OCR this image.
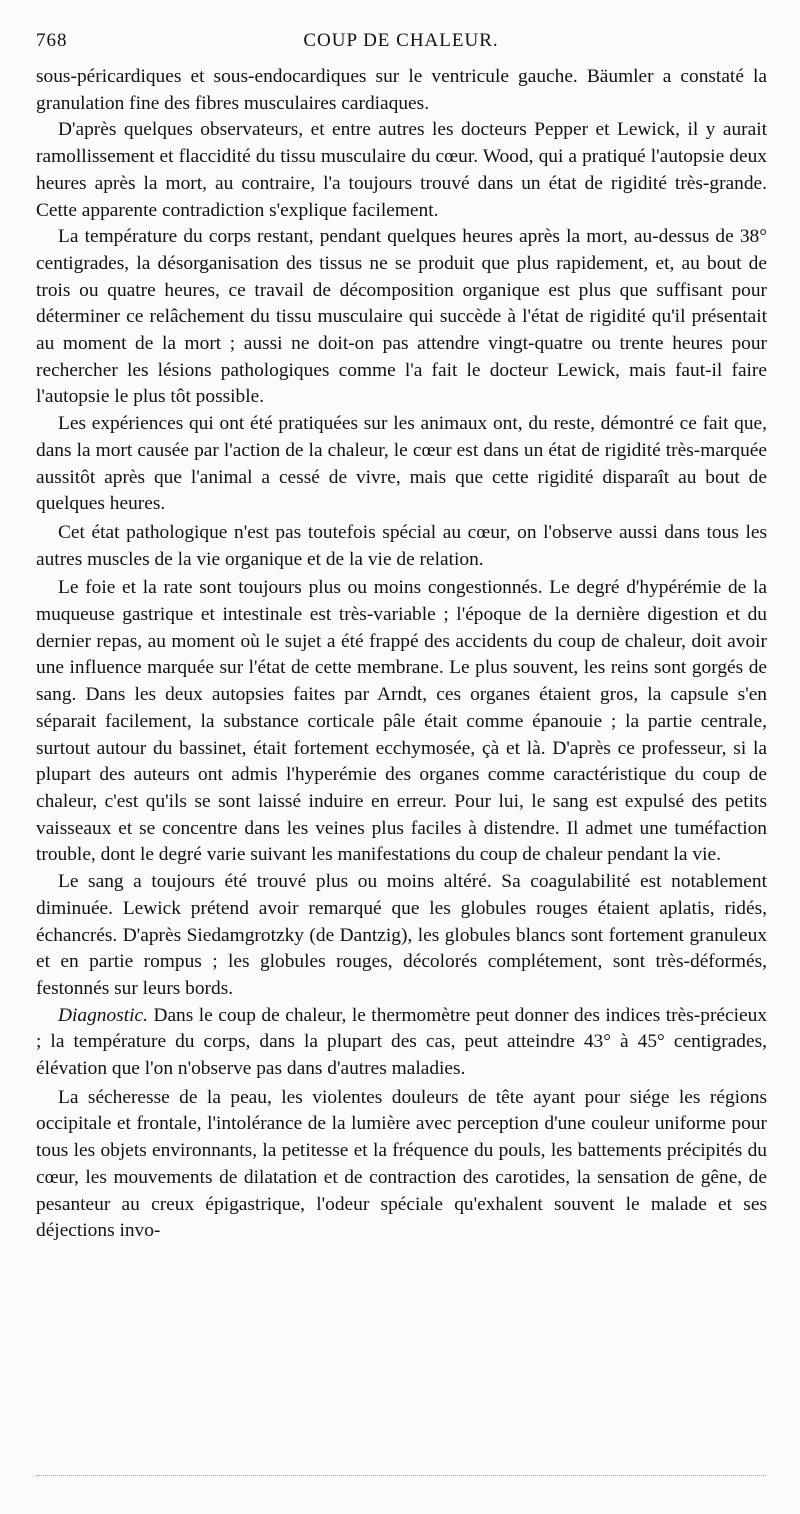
768	COUP DE CHALEUR.

sous-péricardiques et sous-endocardiques sur le ventricule gauche. Bäumler a constaté la granulation fine des fibres musculaires cardiaques.

D'après quelques observateurs, et entre autres les docteurs Pepper et Lewick, il y aurait ramollissement et flaccidité du tissu musculaire du cœur. Wood, qui a pratiqué l'autopsie deux heures après la mort, au contraire, l'a toujours trouvé dans un état de rigidité très-grande. Cette apparente contradiction s'explique facilement.

La température du corps restant, pendant quelques heures après la mort, au-dessus de 38° centigrades, la désorganisation des tissus ne se produit que plus rapidement, et, au bout de trois ou quatre heures, ce travail de décomposition organique est plus que suffisant pour déterminer ce relâchement du tissu musculaire qui succède à l'état de rigidité qu'il présentait au moment de la mort ; aussi ne doit-on pas attendre vingt-quatre ou trente heures pour rechercher les lésions pathologiques comme l'a fait le docteur Lewick, mais faut-il faire l'autopsie le plus tôt possible.

Les expériences qui ont été pratiquées sur les animaux ont, du reste, démontré ce fait que, dans la mort causée par l'action de la chaleur, le cœur est dans un état de rigidité très-marquée aussitôt après que l'animal a cessé de vivre, mais que cette rigidité disparaît au bout de quelques heures.

Cet état pathologique n'est pas toutefois spécial au cœur, on l'observe aussi dans tous les autres muscles de la vie organique et de la vie de relation.

Le foie et la rate sont toujours plus ou moins congestionnés. Le degré d'hypérémie de la muqueuse gastrique et intestinale est très-variable ; l'époque de la dernière digestion et du dernier repas, au moment où le sujet a été frappé des accidents du coup de chaleur, doit avoir une influence marquée sur l'état de cette membrane. Le plus souvent, les reins sont gorgés de sang. Dans les deux autopsies faites par Arndt, ces organes étaient gros, la capsule s'en séparait facilement, la substance corticale pâle était comme épanouie ; la partie centrale, surtout autour du bassinet, était fortement ecchymosée, çà et là. D'après ce professeur, si la plupart des auteurs ont admis l'hyperémie des organes comme caractéristique du coup de chaleur, c'est qu'ils se sont laissé induire en erreur. Pour lui, le sang est expulsé des petits vaisseaux et se concentre dans les veines plus faciles à distendre. Il admet une tuméfaction trouble, dont le degré varie suivant les manifestations du coup de chaleur pendant la vie.

Le sang a toujours été trouvé plus ou moins altéré. Sa coagulabilité est notablement diminuée. Lewick prétend avoir remarqué que les globules rouges étaient aplatis, ridés, échancrés. D'après Siedamgrotzky (de Dantzig), les globules blancs sont fortement granuleux et en partie rompus ; les globules rouges, décolorés complétement, sont très-déformés, festonnés sur leurs bords.

Diagnostic. Dans le coup de chaleur, le thermomètre peut donner des indices très-précieux ; la température du corps, dans la plupart des cas, peut atteindre 43° à 45° centigrades, élévation que l'on n'observe pas dans d'autres maladies.

La sécheresse de la peau, les violentes douleurs de tête ayant pour siége les régions occipitale et frontale, l'intolérance de la lumière avec perception d'une couleur uniforme pour tous les objets environnants, la petitesse et la fréquence du pouls, les battements précipités du cœur, les mouvements de dilatation et de contraction des carotides, la sensation de gêne, de pesanteur au creux épigastrique, l'odeur spéciale qu'exhalent souvent le malade et ses déjections invo-
